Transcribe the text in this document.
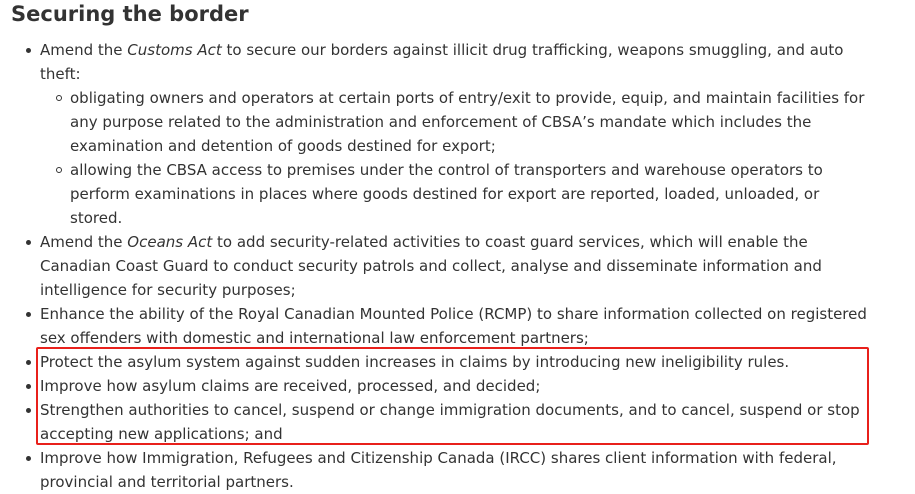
Securing the border
Amend the Customs Act to secure our borders against illicit drug trafficking, weapons smuggling, and auto theft:
obligating owners and operators at certain ports of entry/exit to provide, equip, and maintain facilities for any purpose related to the administration and enforcement of CBSA’s mandate which includes the examination and detention of goods destined for export;
allowing the CBSA access to premises under the control of transporters and warehouse operators to perform examinations in places where goods destined for export are reported, loaded, unloaded, or stored.
Amend the Oceans Act to add security-related activities to coast guard services, which will enable the Canadian Coast Guard to conduct security patrols and collect, analyse and disseminate information and intelligence for security purposes;
Enhance the ability of the Royal Canadian Mounted Police (RCMP) to share information collected on registered sex offenders with domestic and international law enforcement partners;
Protect the asylum system against sudden increases in claims by introducing new ineligibility rules.
Improve how asylum claims are received, processed, and decided;
Strengthen authorities to cancel, suspend or change immigration documents, and to cancel, suspend or stop accepting new applications; and
Improve how Immigration, Refugees and Citizenship Canada (IRCC) shares client information with federal, provincial and territorial partners.
